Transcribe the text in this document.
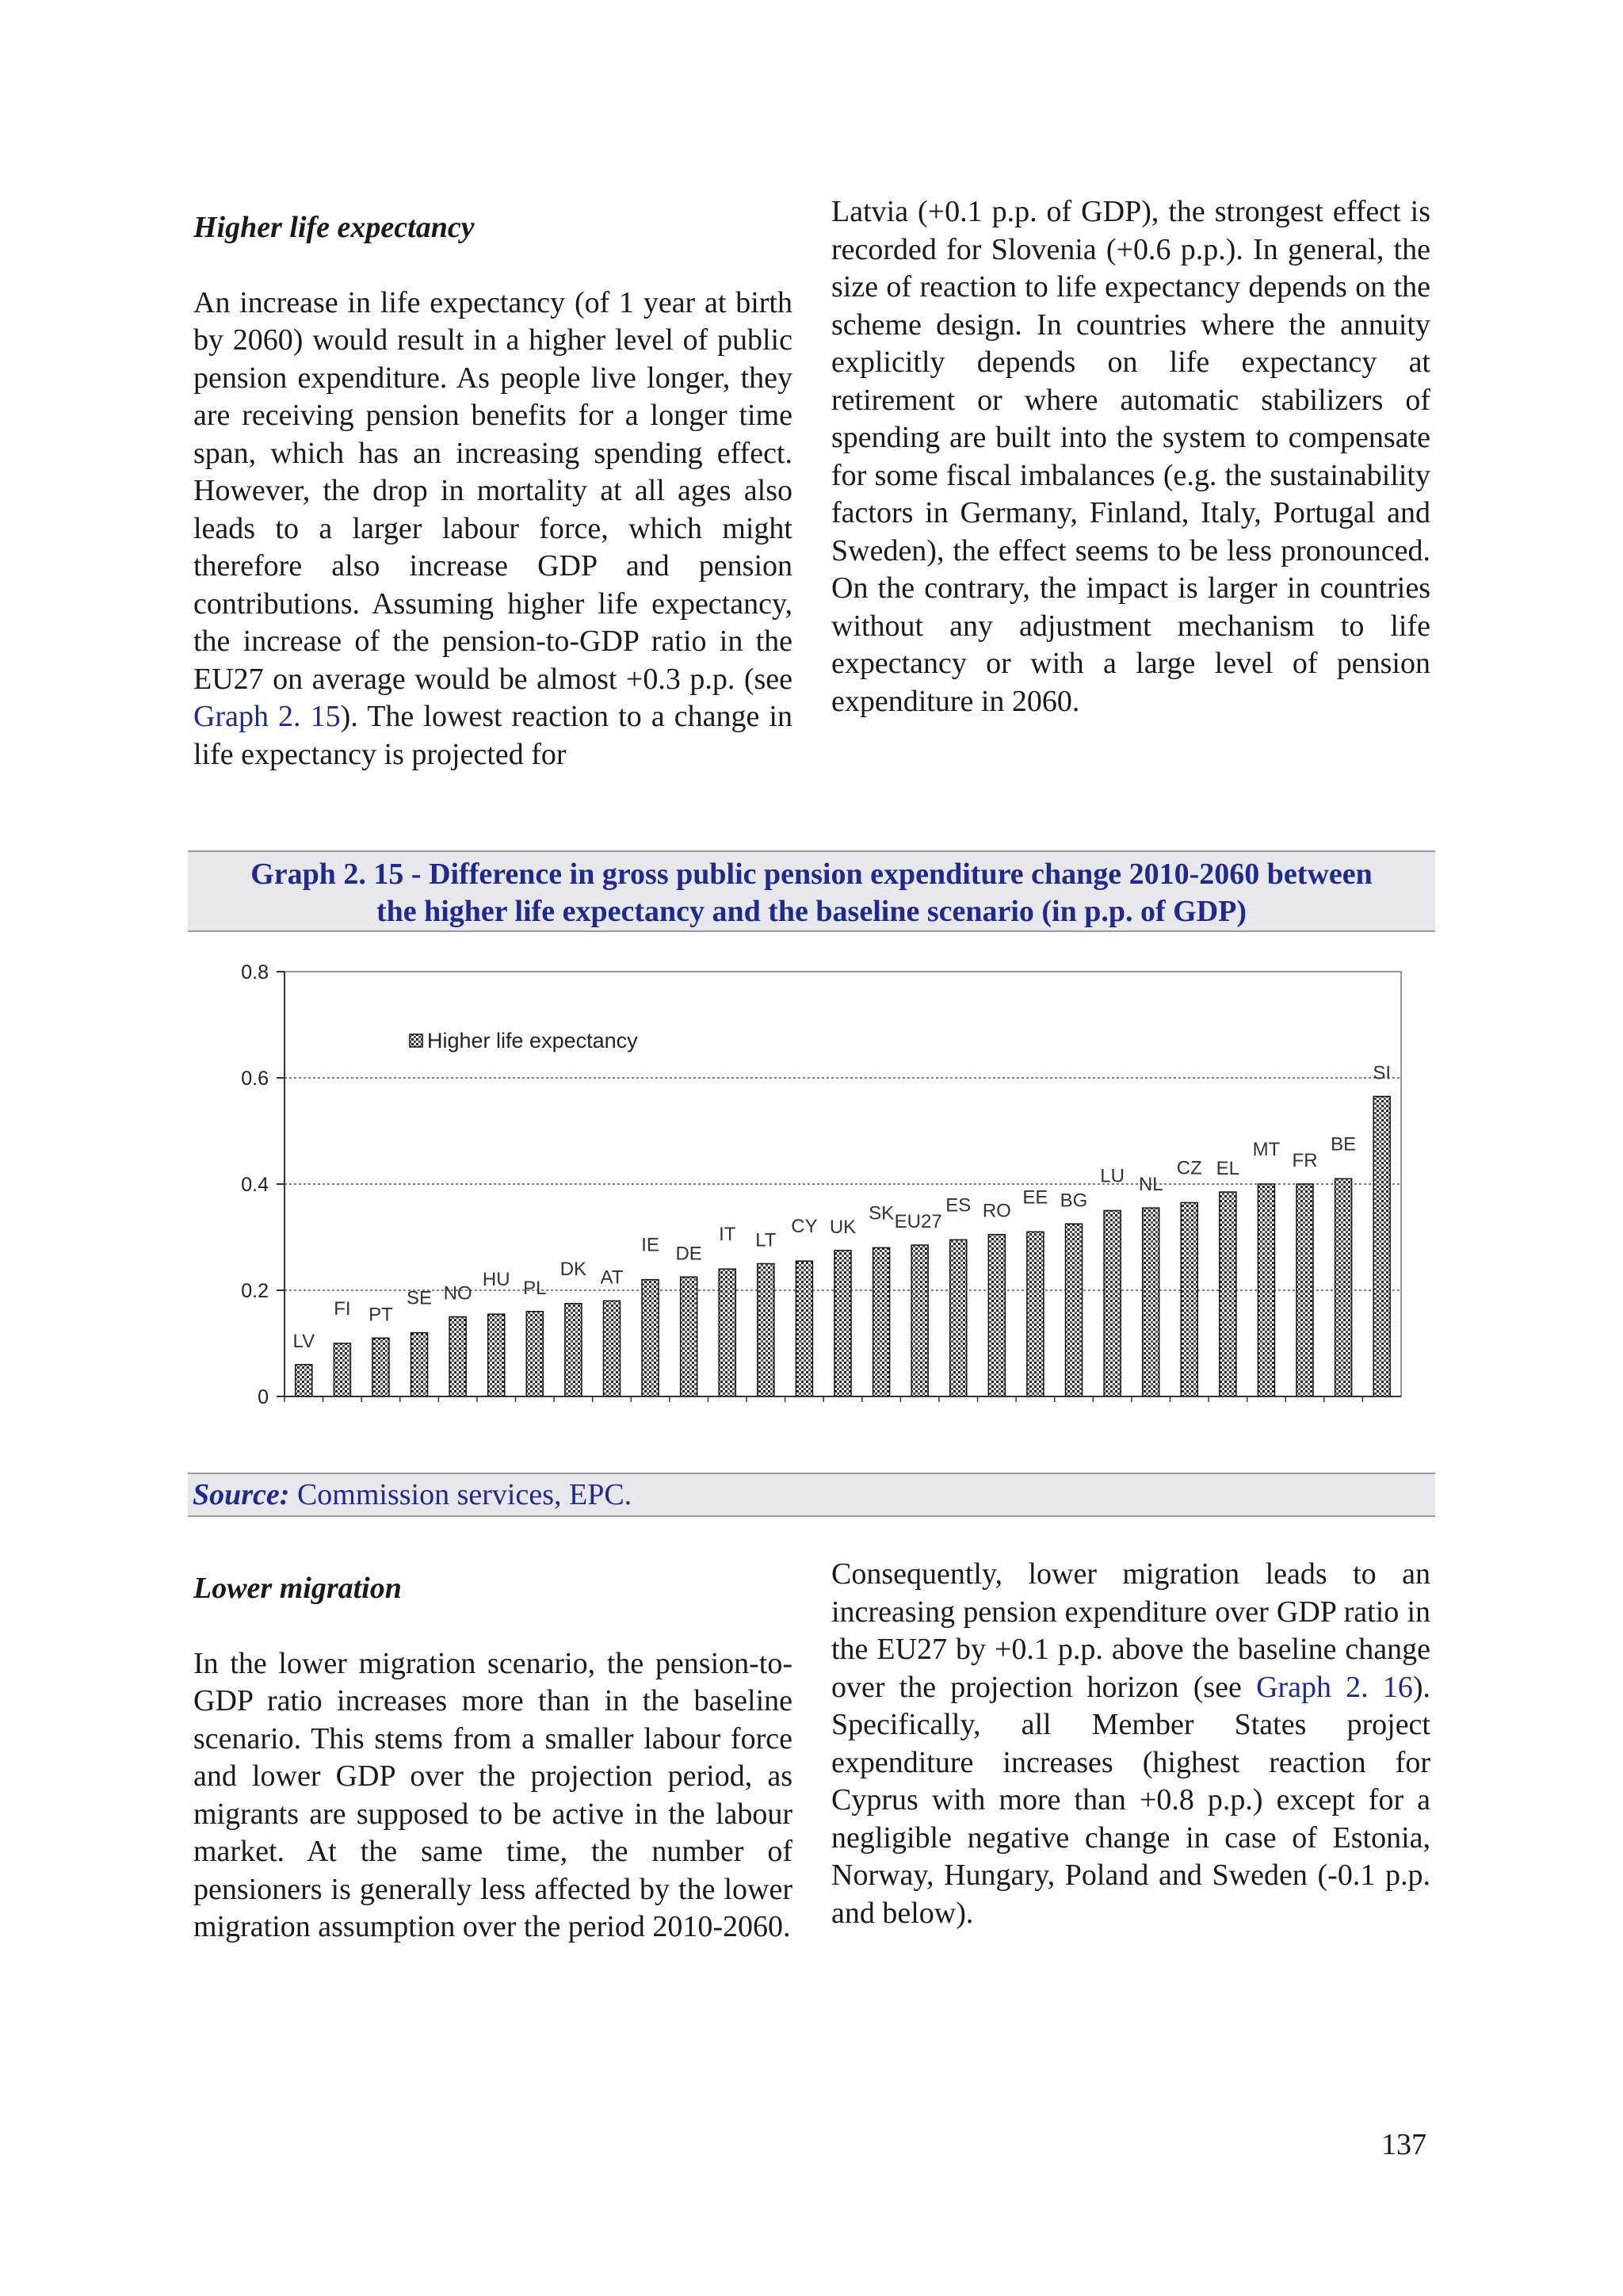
Higher life expectancy

An increase in life expectancy (of 1 year at birth by 2060) would result in a higher level of public pension expenditure. As people live longer, they are receiving pension benefits for a longer time span, which has an increasing spending effect. However, the drop in mortality at all ages also leads to a larger labour force, which might therefore also increase GDP and pension contributions. Assuming higher life expectancy, the increase of the pension-to-GDP ratio in the EU27 on average would be almost +0.3 p.p. (see Graph 2. 15). The lowest reaction to a change in life expectancy is projected for

Latvia (+0.1 p.p. of GDP), the strongest effect is recorded for Slovenia (+0.6 p.p.). In general, the size of reaction to life expectancy depends on the scheme design. In countries where the annuity explicitly depends on life expectancy at retirement or where automatic stabilizers of spending are built into the system to compensate for some fiscal imbalances (e.g. the sustainability factors in Germany, Finland, Italy, Portugal and Sweden), the effect seems to be less pronounced. On the contrary, the impact is larger in countries without any adjustment mechanism to life expectancy or with a large level of pension expenditure in 2060.

Graph 2. 15 - Difference in gross public pension expenditure change 2010-2060 between
the higher life expectancy and the baseline scenario (in p.p. of GDP)
0
0.2
0.4
0.6
0.8
LV
FI PT
SE NO
HU PL
DK AT
IE DE
IT LT
CY UK
SK EU27
ES RO
EE BG
LU NL
CZ EL
MT
FR
BE
SI
Higher life expectancy
Source: Commission services, EPC.

Lower migration

In the lower migration scenario, the pension-to-GDP ratio increases more than in the baseline scenario. This stems from a smaller labour force and lower GDP over the projection period, as migrants are supposed to be active in the labour market. At the same time, the number of pensioners is generally less affected by the lower migration assumption over the period 2010-2060.

Consequently, lower migration leads to an increasing pension expenditure over GDP ratio in the EU27 by +0.1 p.p. above the baseline change over the projection horizon (see Graph 2. 16). Specifically, all Member States project expenditure increases (highest reaction for Cyprus with more than +0.8 p.p.) except for a negligible negative change in case of Estonia, Norway, Hungary, Poland and Sweden (-0.1 p.p. and below).

137
